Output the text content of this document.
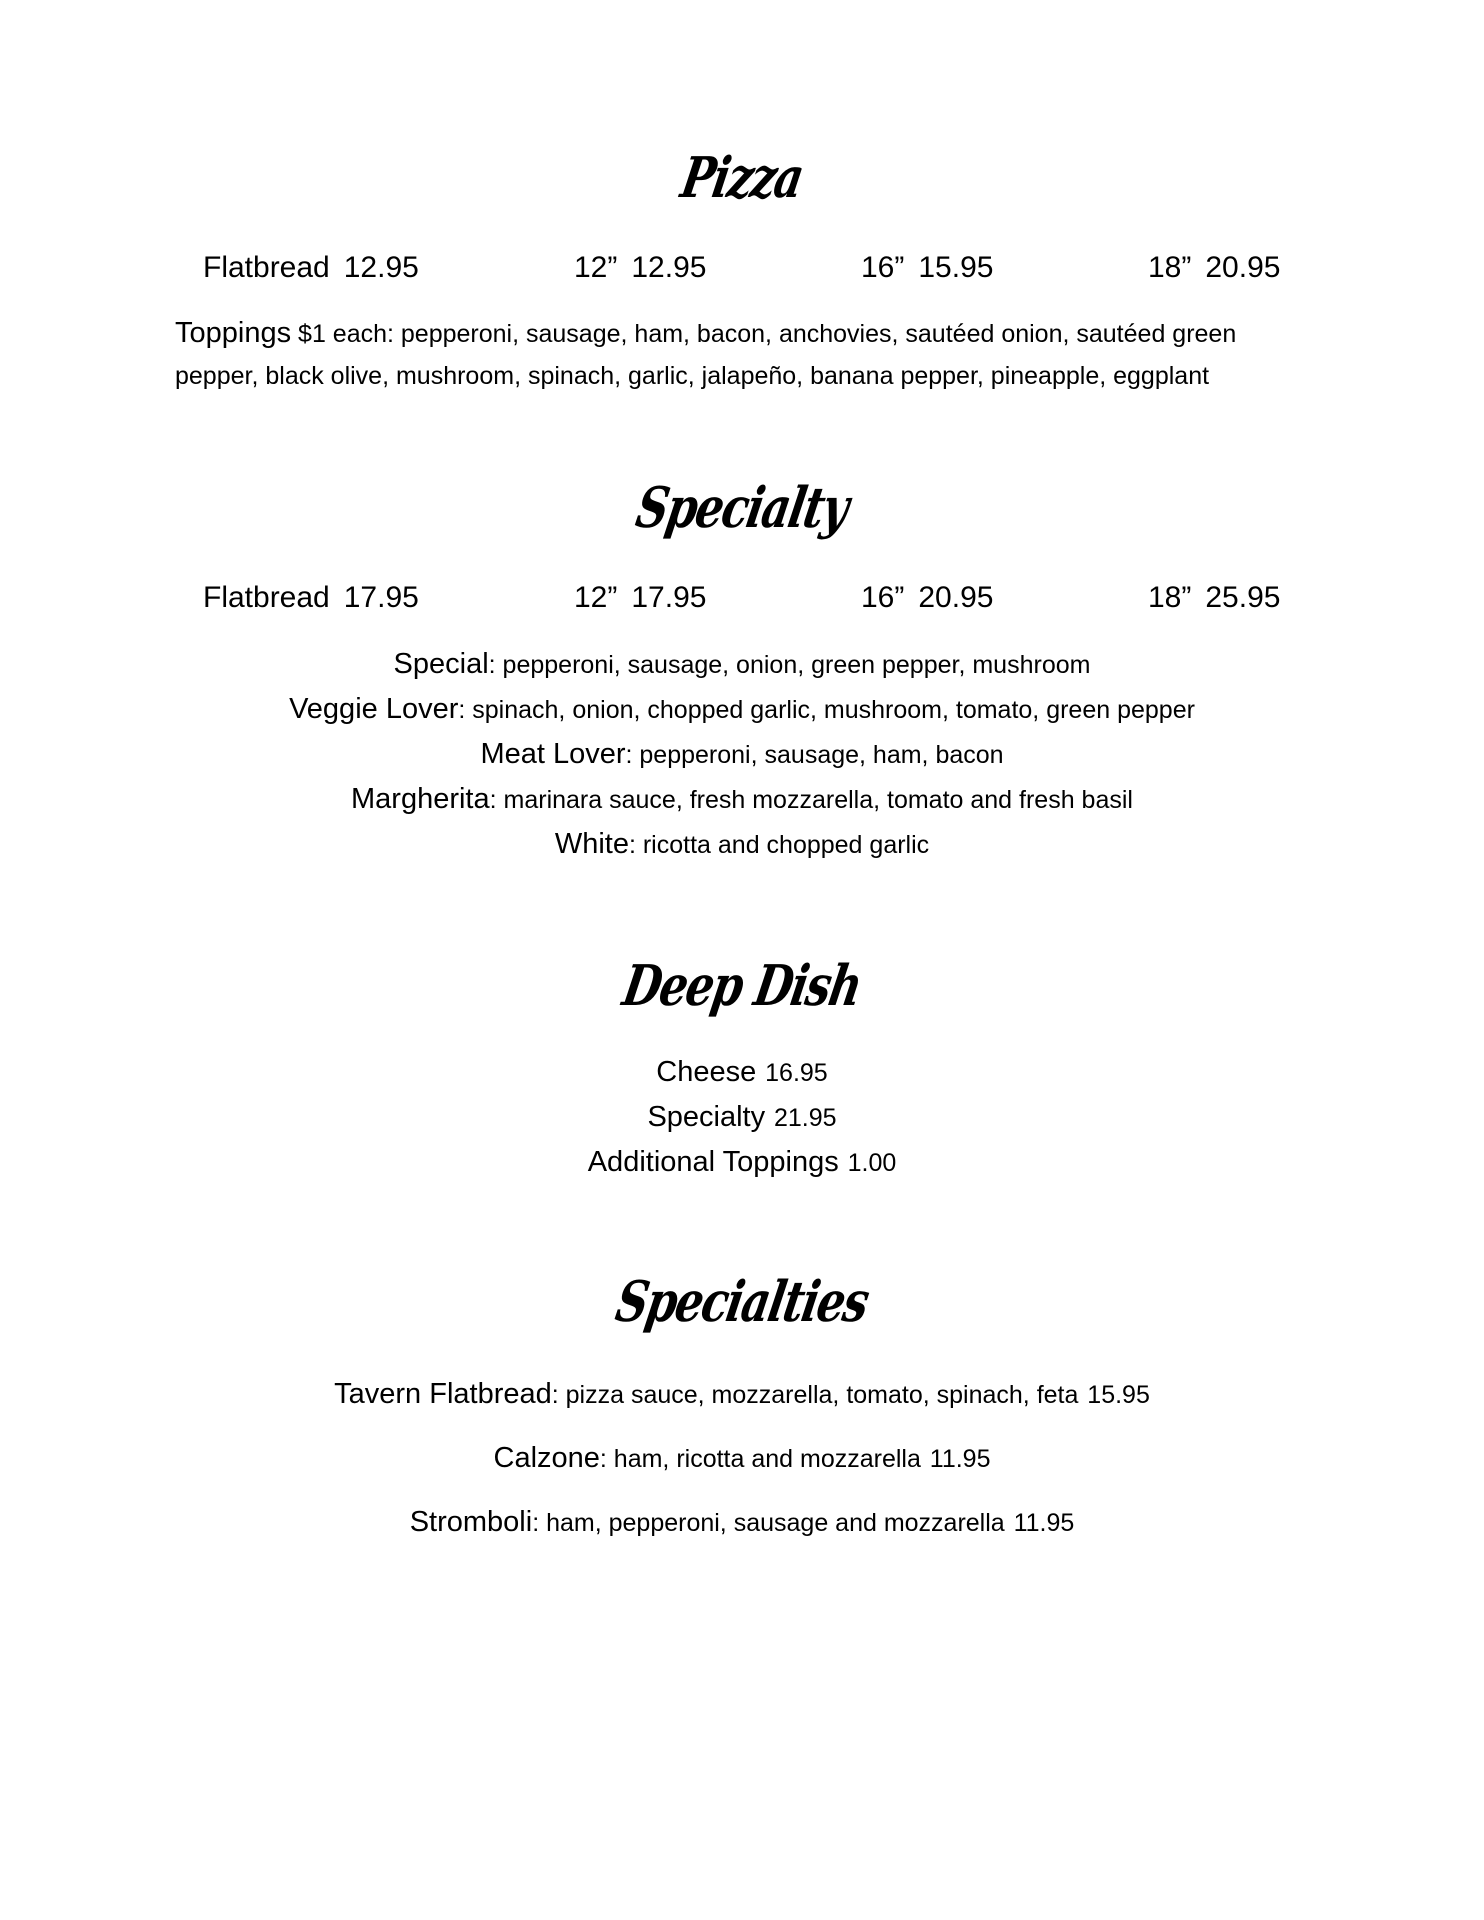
Pizza
Flatbread 12.95	12” 12.95	16” 15.95	18” 20.95
Toppings $1 each: pepperoni, sausage, ham, bacon, anchovies, sautéed onion, sautéed green pepper, black olive, mushroom, spinach, garlic, jalapeño, banana pepper, pineapple, eggplant
Specialty
Flatbread 17.95	12” 17.95	16” 20.95	18” 25.95
Special: pepperoni, sausage, onion, green pepper, mushroom
Veggie Lover: spinach, onion, chopped garlic, mushroom, tomato, green pepper
Meat Lover: pepperoni, sausage, ham, bacon
Margherita: marinara sauce, fresh mozzarella, tomato and fresh basil
White: ricotta and chopped garlic
Deep Dish
Cheese 16.95
Specialty 21.95
Additional Toppings 1.00
Specialties
Tavern Flatbread: pizza sauce, mozzarella, tomato, spinach, feta 15.95
Calzone: ham, ricotta and mozzarella 11.95
Stromboli: ham, pepperoni, sausage and mozzarella 11.95
